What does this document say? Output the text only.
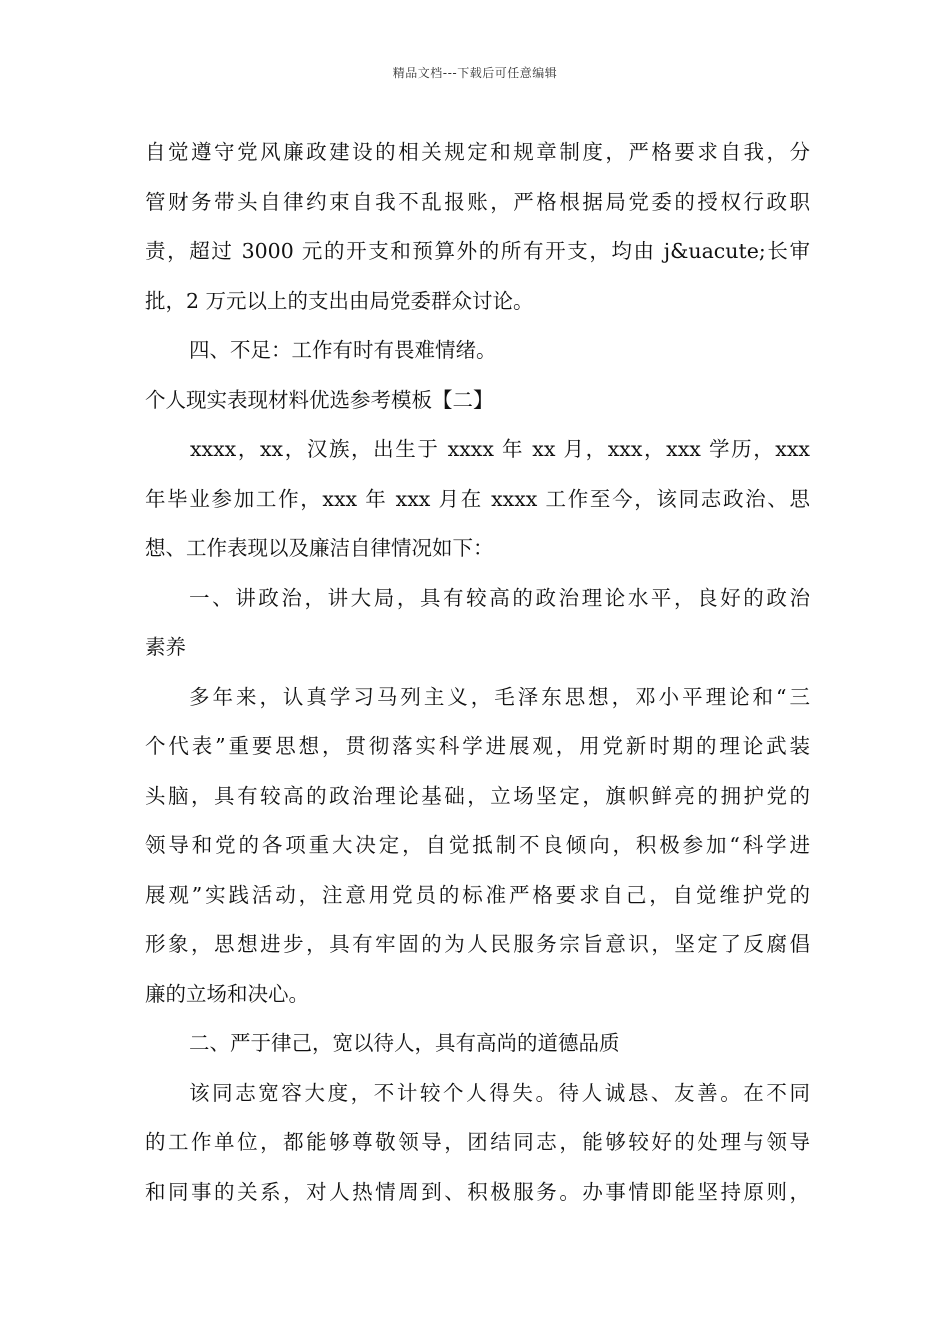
精品文档---下载后可任意编辑
自觉遵守党风廉政建设的相关规定和规章制度，严格要求自我，分
管财务带头自律约束自我不乱报账，严格根据局党委的授权行政职
责，超过 3000 元的开支和预算外的所有开支，均由 j&uacute;长审
批，2 万元以上的支出由局党委群众讨论。
四、不足：工作有时有畏难情绪。
个人现实表现材料优选参考模板【二】
xxxx，xx，汉族，出生于 xxxx 年 xx 月，xxx，xxx 学历，xxx
年毕业参加工作，xxx 年 xxx 月在 xxxx 工作至今，该同志政治、思
想、工作表现以及廉洁自律情况如下：
一、讲政治，讲大局，具有较高的政治理论水平，良好的政治
素养
多年来，认真学习马列主义，毛泽东思想，邓小平理论和“三
个代表”重要思想，贯彻落实科学进展观，用党新时期的理论武装
头脑，具有较高的政治理论基础，立场坚定，旗帜鲜亮的拥护党的
领导和党的各项重大决定，自觉抵制不良倾向，积极参加“科学进
展观”实践活动，注意用党员的标准严格要求自己，自觉维护党的
形象，思想进步，具有牢固的为人民服务宗旨意识，坚定了反腐倡
廉的立场和决心。
二、严于律己，宽以待人，具有高尚的道德品质
该同志宽容大度，不计较个人得失。待人诚恳、友善。在不同
的工作单位，都能够尊敬领导，团结同志，能够较好的处理与领导
和同事的关系，对人热情周到、积极服务。办事情即能坚持原则，
